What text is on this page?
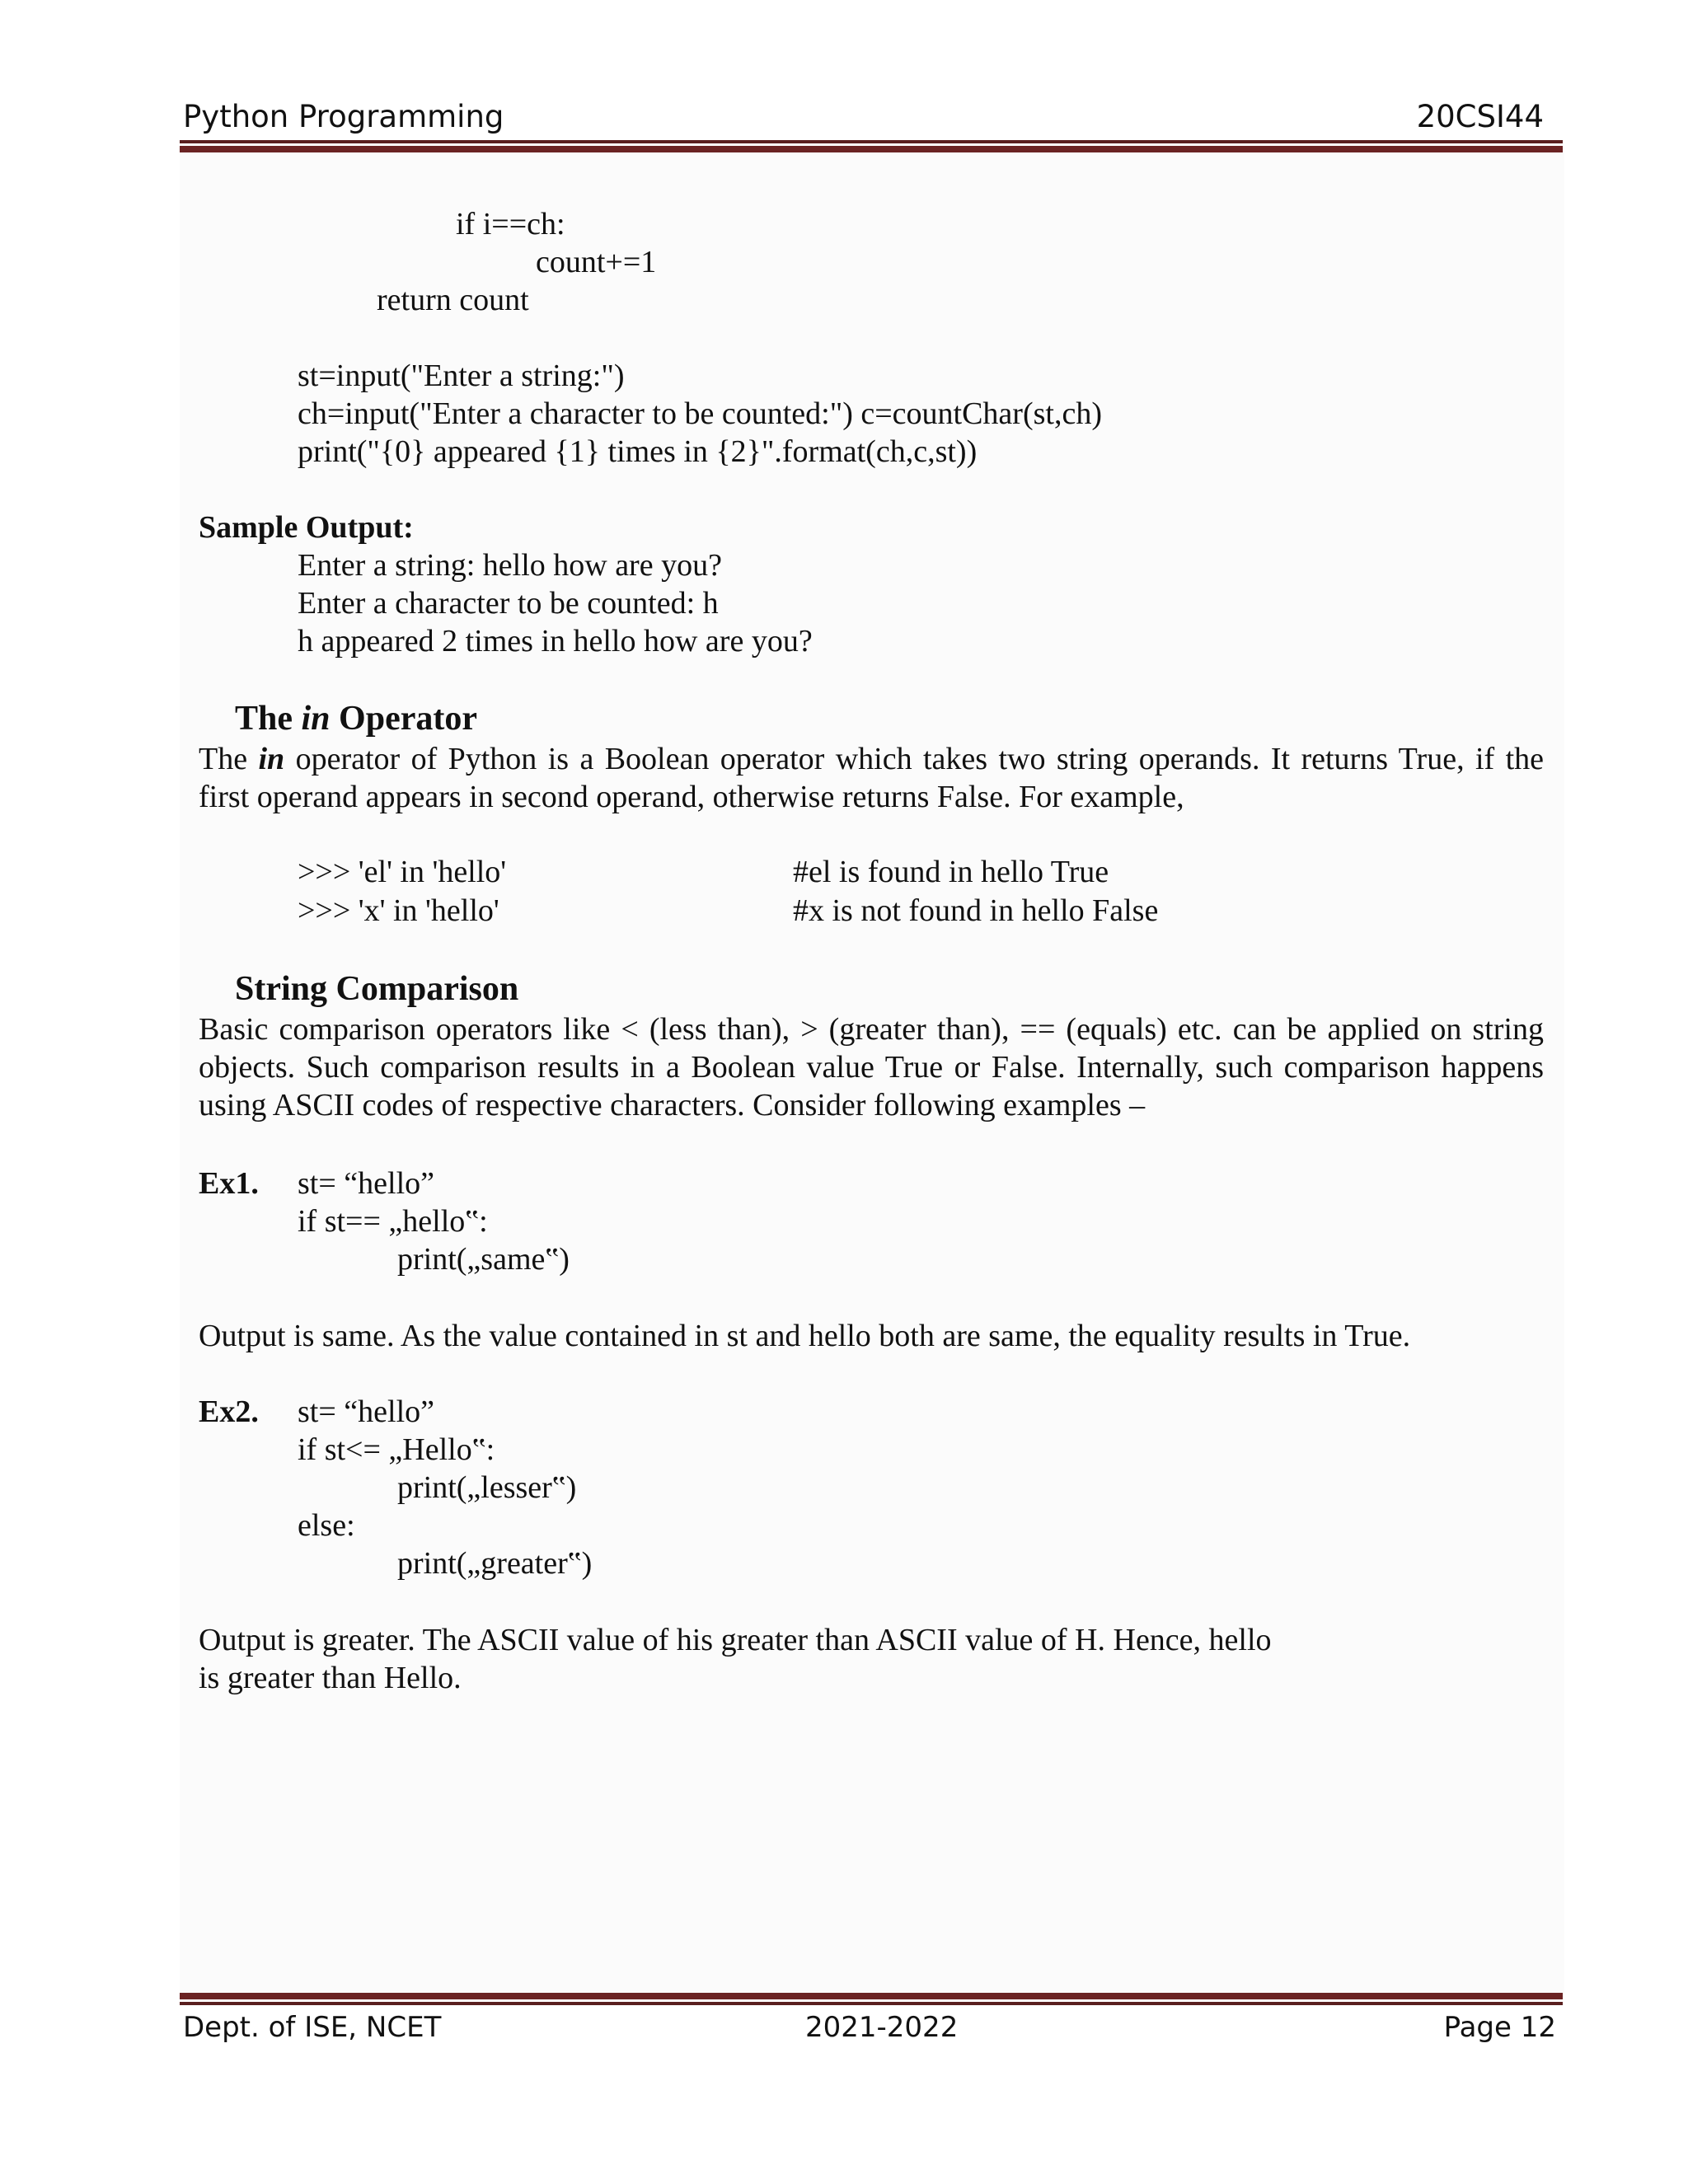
Python Programming	20CSI44
if i==ch:
count+=1
return count
st=input("Enter a string:")
ch=input("Enter a character to be counted:") c=countChar(st,ch)
print("{0} appeared {1} times in {2}".format(ch,c,st))
Sample Output:
Enter a string: hello how are you?
Enter a character to be counted: h
h appeared 2 times in hello how are you?
The in Operator
The in operator of Python is a Boolean operator which takes two string operands. It returns True, if the first operand appears in second operand, otherwise returns False. For example,
>>> 'el' in 'hello'	#el is found in hello True
>>> 'x' in 'hello'	#x is not found in hello False
String Comparison
Basic comparison operators like < (less than), > (greater than), == (equals) etc. can be applied on string objects. Such comparison results in a Boolean value True or False. Internally, such comparison happens using ASCII codes of respective characters. Consider following examples –
Ex1. st= “hello”
if st== „hello‟:
print(„same‟)
Output is same. As the value contained in st and hello both are same, the equality results in True.
Ex2. st= “hello”
if st<= „Hello‟:
print(„lesser‟)
else:
print(„greater‟)
Output is greater. The ASCII value of his greater than ASCII value of H. Hence, hello
is greater than Hello.
Dept. of ISE, NCET	2021-2022	Page 12
